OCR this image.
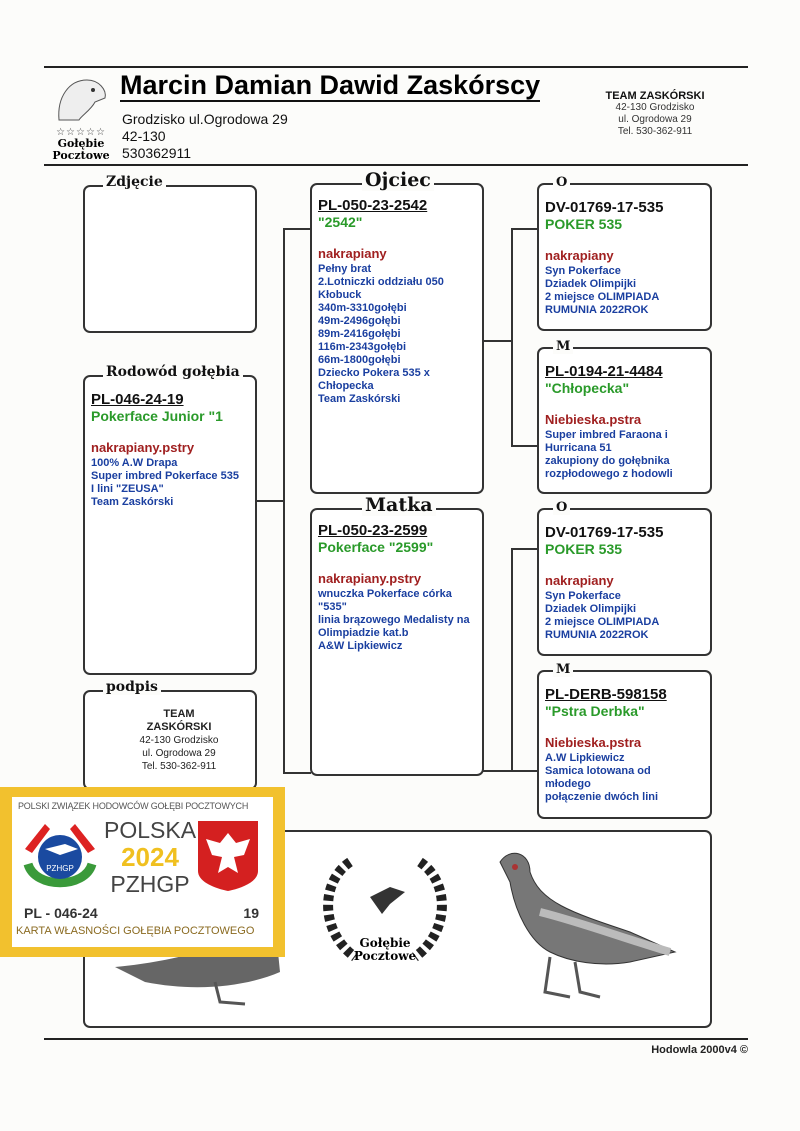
☆☆☆☆☆
Gołębie
Pocztowe
Marcin Damian Dawid Zaskórscy
Grodzisko ul.Ogrodowa 29
42-130
530362911
TEAM ZASKÓRSKI
42-130 Grodzisko
ul. Ogrodowa 29
Tel. 530-362-911
Zdjęcie
Rodowód gołębia
PL-046-24-19
Pokerface Junior "1
nakrapiany.pstry
100% A.W Drapa
Super imbred Pokerface 535
I lini "ZEUSA"
Team Zaskórski
Ojciec
PL-050-23-2542
"2542"
nakrapiany
Pełny brat
2.Lotniczki oddziału 050
Kłobuck
340m-3310gołębi
49m-2496gołębi
89m-2416gołębi
116m-2343gołębi
66m-1800gołębi
Dziecko Pokera 535 x
Chłopecka
Team Zaskórski
Matka
PL-050-23-2599
Pokerface "2599"
nakrapiany.pstry
wnuczka Pokerface córka
"535"
linia brązowego Medalisty na
Olimpiadzie kat.b
A&W Lipkiewicz
O
DV-01769-17-535
POKER 535
nakrapiany
Syn Pokerface
Dziadek Olimpijki
2 miejsce OLIMPIADA
RUMUNIA 2022ROK
M
PL-0194-21-4484
"Chłopecka"
Niebieska.pstra
Super imbred Faraona i
Hurricana 51
zakupiony do gołębnika
rozpłodowego z hodowli
O
DV-01769-17-535
POKER 535
nakrapiany
Syn Pokerface
Dziadek Olimpijki
2 miejsce OLIMPIADA
RUMUNIA 2022ROK
M
PL-DERB-598158
"Pstra Derbka"
Niebieska.pstra
A.W Lipkiewicz
Samica lotowana od
młodego
połączenie dwóch lini
podpis
TEAM ZASKÓRSKI
42-130 Grodzisko
ul. Ogrodowa 29
Tel. 530-362-911
Gołębie
Pocztowe
POLSKI ZWIĄZEK HODOWCÓW GOŁĘBI POCZTOWYCH
PZHGP
POLSKA
2024
PZHGP
PL - 046-24	19
KARTA WŁASNOŚCI GOŁĘBIA POCZTOWEGO
Hodowla 2000v4 ©
